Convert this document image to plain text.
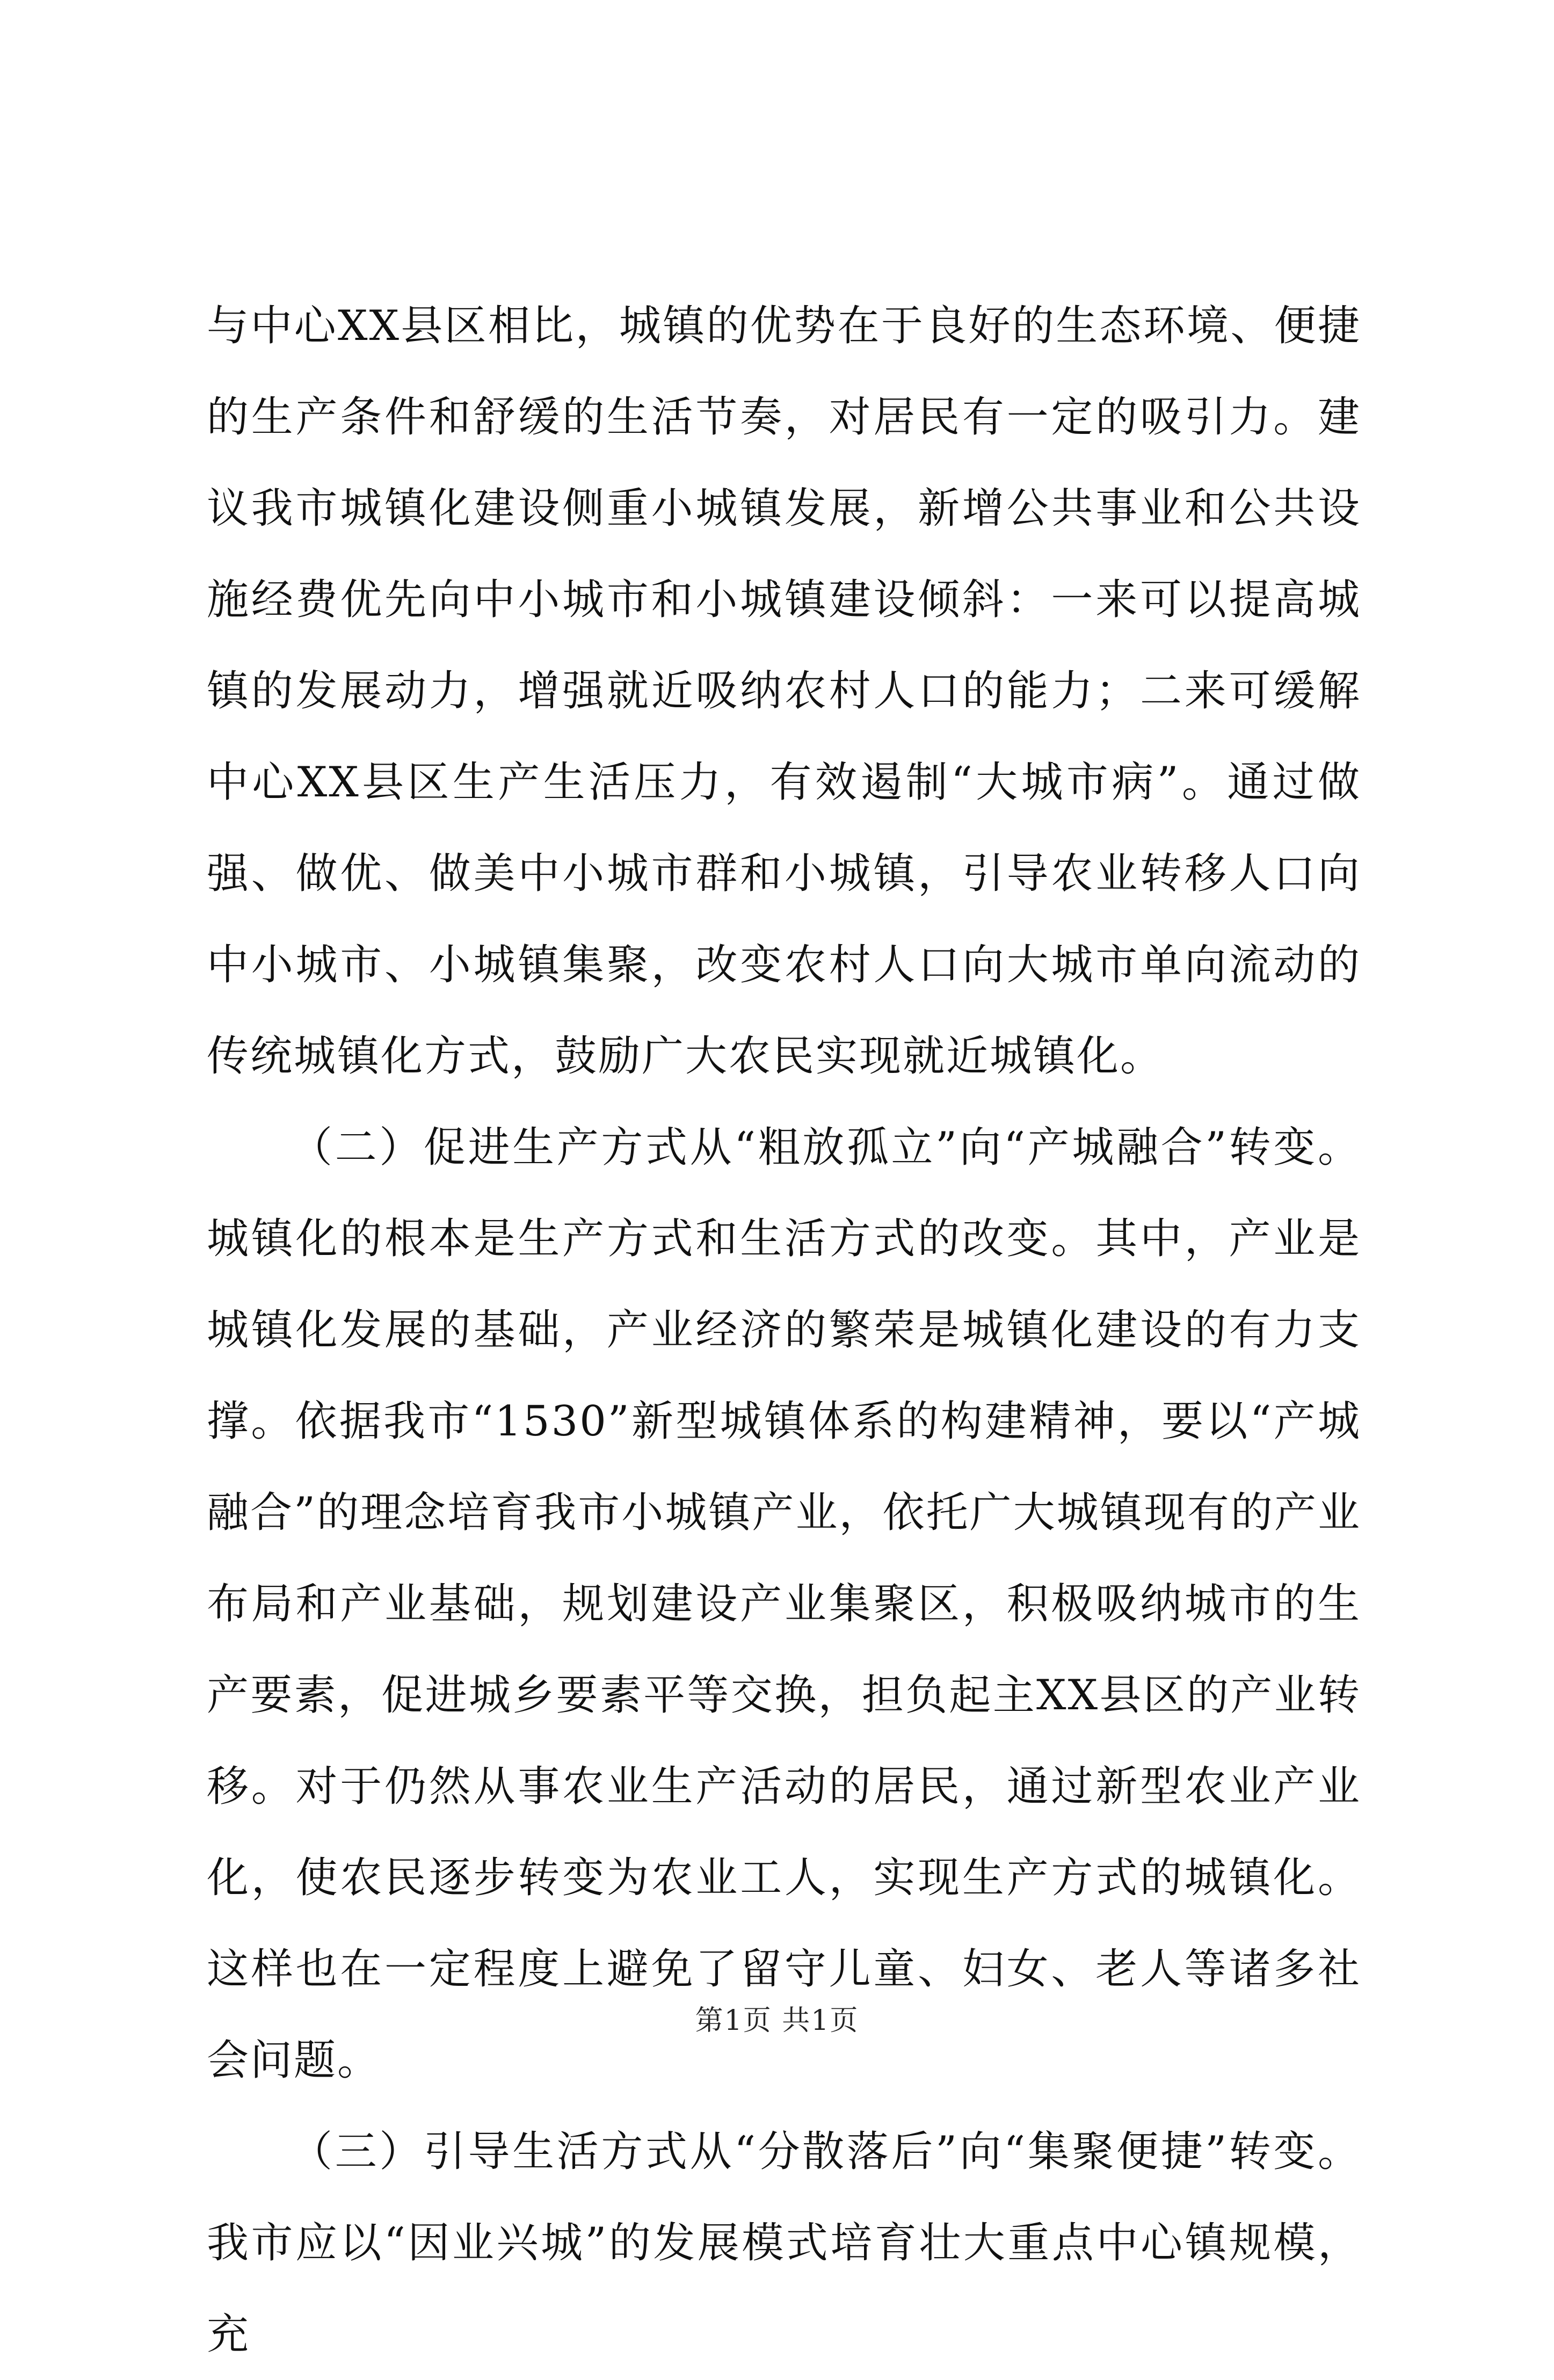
与中心XX县区相比，城镇的优势在于良好的生态环境、便捷的生产条件和舒缓的生活节奏，对居民有一定的吸引力。建议我市城镇化建设侧重小城镇发展，新增公共事业和公共设施经费优先向中小城市和小城镇建设倾斜：一来可以提高城镇的发展动力，增强就近吸纳农村人口的能力；二来可缓解中心XX县区生产生活压力，有效遏制“大城市病”。通过做强、做优、做美中小城市群和小城镇，引导农业转移人口向中小城市、小城镇集聚，改变农村人口向大城市单向流动的传统城镇化方式，鼓励广大农民实现就近城镇化。

（二）促进生产方式从“粗放孤立”向“产城融合”转变。城镇化的根本是生产方式和生活方式的改变。其中，产业是城镇化发展的基础，产业经济的繁荣是城镇化建设的有力支撑。依据我市“1530”新型城镇体系的构建精神，要以“产城融合”的理念培育我市小城镇产业，依托广大城镇现有的产业布局和产业基础，规划建设产业集聚区，积极吸纳城市的生产要素，促进城乡要素平等交换，担负起主XX县区的产业转移。对于仍然从事农业生产活动的居民，通过新型农业产业化，使农民逐步转变为农业工人，实现生产方式的城镇化。这样也在一定程度上避免了留守儿童、妇女、老人等诸多社会问题。

（三）引导生活方式从“分散落后”向“集聚便捷”转变。我市应以“因业兴城”的发展模式培育壮大重点中心镇规模，充

第1页 共1页
